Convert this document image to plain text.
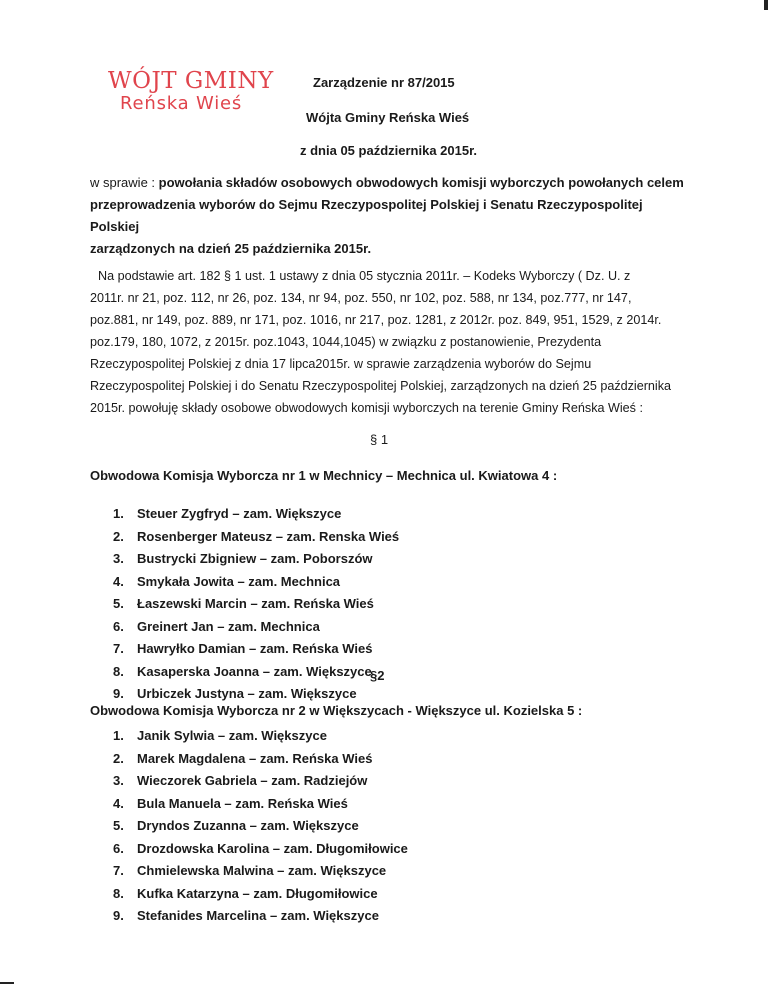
WÓJT GMINY
Reńska Wieś
Zarządzenie nr 87/2015
Wójta Gminy Reńska Wieś
z dnia 05 października 2015r.
w sprawie : powołania składów osobowych obwodowych komisji wyborczych powołanych celem
przeprowadzenia wyborów do Sejmu Rzeczypospolitej Polskiej i Senatu Rzeczypospolitej Polskiej
zarządzonych na dzień 25 października 2015r.
Na podstawie art. 182 § 1 ust. 1 ustawy z dnia 05 stycznia 2011r. – Kodeks Wyborczy ( Dz. U. z
2011r. nr 21, poz. 112, nr 26, poz. 134, nr 94, poz. 550, nr 102, poz. 588, nr 134, poz.777, nr 147,
poz.881, nr 149, poz. 889, nr 171, poz. 1016, nr 217, poz. 1281, z 2012r. poz. 849, 951, 1529, z 2014r.
poz.179, 180, 1072, z 2015r. poz.1043, 1044,1045) w związku z postanowienie, Prezydenta
Rzeczypospolitej Polskiej z dnia 17 lipca2015r. w sprawie zarządzenia wyborów do Sejmu
Rzeczypospolitej Polskiej i do Senatu Rzeczypospolitej Polskiej, zarządzonych na dzień 25 października
2015r. powołuję składy osobowe obwodowych komisji wyborczych na terenie Gminy Reńska Wieś :
§ 1
Obwodowa Komisja Wyborcza nr 1 w Mechnicy – Mechnica ul. Kwiatowa 4 :
1.	Steuer Zygfryd – zam. Większyce
2.	Rosenberger Mateusz – zam. Renska Wieś
3.	Bustrycki Zbigniew – zam. Poborszów
4.	Smykała Jowita – zam. Mechnica
5.	Łaszewski Marcin – zam. Reńska Wieś
6.	Greinert Jan – zam. Mechnica
7.	Hawryłko Damian – zam. Reńska Wieś
8.	Kasaperska Joanna – zam. Większyce
9.	Urbiczek Justyna – zam. Większyce
§2
Obwodowa Komisja Wyborcza nr 2 w Większycach - Większyce ul. Kozielska 5 :
1.	Janik Sylwia – zam. Większyce
2.	Marek Magdalena – zam. Reńska Wieś
3.	Wieczorek Gabriela – zam. Radziejów
4.	Bula Manuela – zam. Reńska Wieś
5.	Dryndos Zuzanna – zam. Większyce
6.	Drozdowska Karolina – zam. Długomiłowice
7.	Chmielewska Malwina – zam. Większyce
8.	Kufka Katarzyna – zam. Długomiłowice
9.	Stefanides Marcelina – zam. Większyce
